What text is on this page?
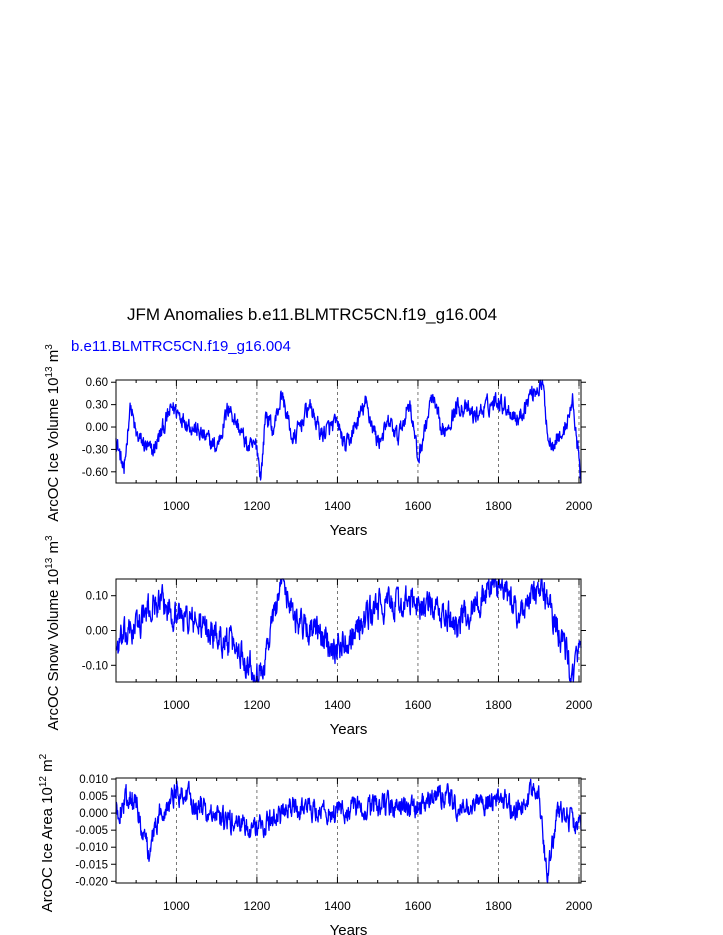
JFM Anomalies b.e11.BLMTRC5CN.f19_g16.004
b.e11.BLMTRC5CN.f19_g16.004
1000	1200	1400	1600	1800	2000
Years
0.60
0.30
0.00
-0.30
-0.60
ArcOC Ice Volume $10^{13}$ $m^3$
1000	1200	1400	1600	1800	2000
Years
0.10
0.00
-0.10
ArcOC Snow Volume $10^{13}$ $m^3$
1000	1200	1400	1600	1800	2000
Years
0.010
0.005
0.000
-0.005
-0.010
-0.015
-0.020
ArcOC Ice Area $10^{12}$ $m^2$
